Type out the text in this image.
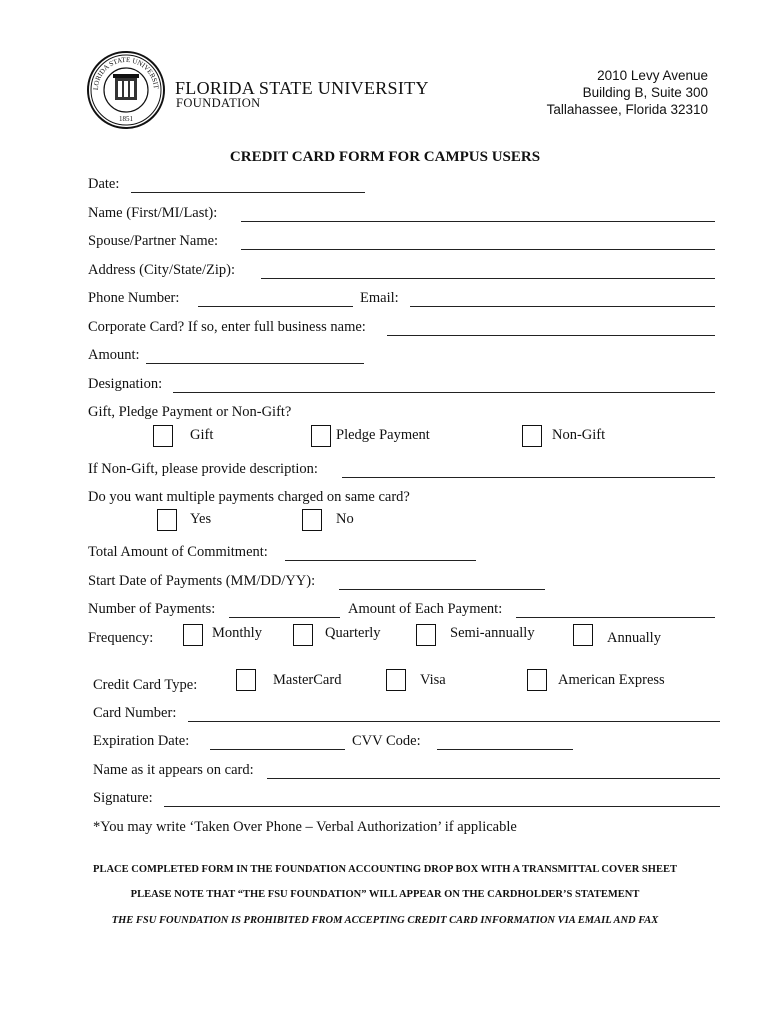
LORIDA STATE UNIVERSIT
1851
FLORIDA STATE UNIVERSITY
FOUNDATION
2010 Levy Avenue
Building B, Suite 300
Tallahassee, Florida 32310
CREDIT CARD FORM FOR CAMPUS USERS
Date:
Name (First/MI/Last):
Spouse/Partner Name:
Address (City/State/Zip):
Phone Number:	Email:
Corporate Card? If so, enter full business name:
Amount:
Designation:
Gift, Pledge Payment or Non-Gift?
Gift	Pledge Payment	Non-Gift
If Non-Gift, please provide description:
Do you want multiple payments charged on same card?
Yes	No
Total Amount of Commitment:
Start Date of Payments (MM/DD/YY):
Number of Payments:	Amount of Each Payment:
Frequency:	Monthly	Quarterly	Semi-annually	Annually
Credit Card Type:	MasterCard	Visa	American Express
Card Number:
Expiration Date:	CVV Code:
Name as it appears on card:
Signature:
*You may write ‘Taken Over Phone – Verbal Authorization’ if applicable
PLACE COMPLETED FORM IN THE FOUNDATION ACCOUNTING DROP BOX WITH A TRANSMITTAL COVER SHEET
PLEASE NOTE THAT “THE FSU FOUNDATION” WILL APPEAR ON THE CARDHOLDER’S STATEMENT
THE FSU FOUNDATION IS PROHIBITED FROM ACCEPTING CREDIT CARD INFORMATION VIA EMAIL AND FAX
